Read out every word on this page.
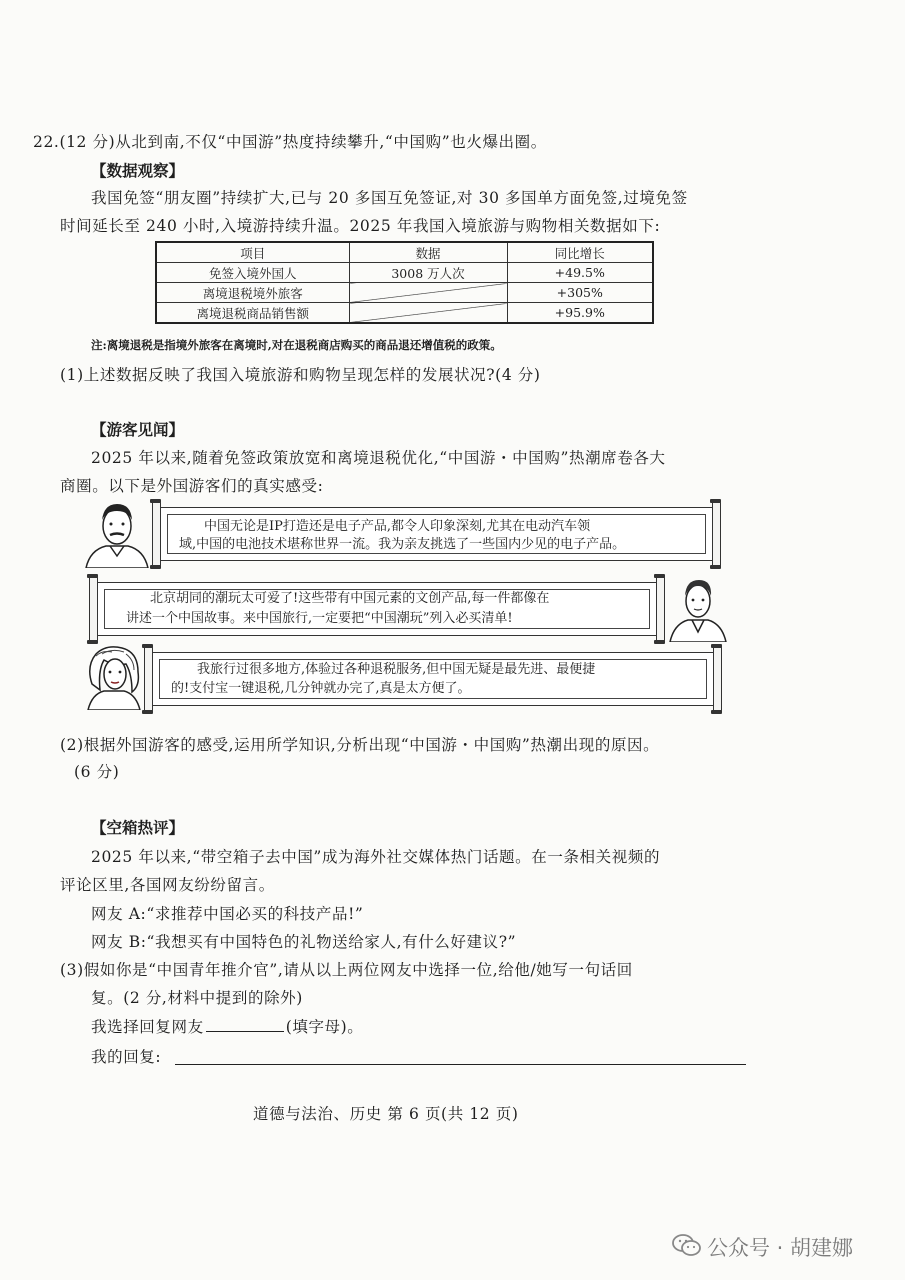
22.(12 分)从北到南,不仅“中国游”热度持续攀升,“中国购”也火爆出圈。
【数据观察】
我国免签“朋友圈”持续扩大,已与 20 多国互免签证,对 30 多国单方面免签,过境免签
时间延长至 240 小时,入境游持续升温。2025 年我国入境旅游与购物相关数据如下:
项目	数据	同比增长
免签入境外国人	3008 万人次	+49.5%
离境退税境外旅客		+305%
离境退税商品销售额		+95.9%
注:离境退税是指境外旅客在离境时,对在退税商店购买的商品退还增值税的政策。
(1)上述数据反映了我国入境旅游和购物呈现怎样的发展状况?(4 分)
【游客见闻】
2025 年以来,随着免签政策放宽和离境退税优化,“中国游・中国购”热潮席卷各大
商圈。以下是外国游客们的真实感受:
中国无论是IP打造还是电子产品,都令人印象深刻,尤其在电动汽车领
域,中国的电池技术堪称世界一流。我为亲友挑选了一些国内少见的电子产品。
北京胡同的潮玩太可爱了!这些带有中国元素的文创产品,每一件都像在
讲述一个中国故事。来中国旅行,一定要把“中国潮玩”列入必买清单!
我旅行过很多地方,体验过各种退税服务,但中国无疑是最先进、最便捷
的!支付宝一键退税,几分钟就办完了,真是太方便了。
(2)根据外国游客的感受,运用所学知识,分析出现“中国游・中国购”热潮出现的原因。
(6 分)
【空箱热评】
2025 年以来,“带空箱子去中国”成为海外社交媒体热门话题。在一条相关视频的
评论区里,各国网友纷纷留言。
网友 A:“求推荐中国必买的科技产品!”
网友 B:“我想买有中国特色的礼物送给家人,有什么好建议?”
(3)假如你是“中国青年推介官”,请从以上两位网友中选择一位,给他/她写一句话回
复。(2 分,材料中提到的除外)
我选择回复网友	(填字母)。
我的回复:
道德与法治、历史 第 6 页(共 12 页)
公众号 · 胡建娜
